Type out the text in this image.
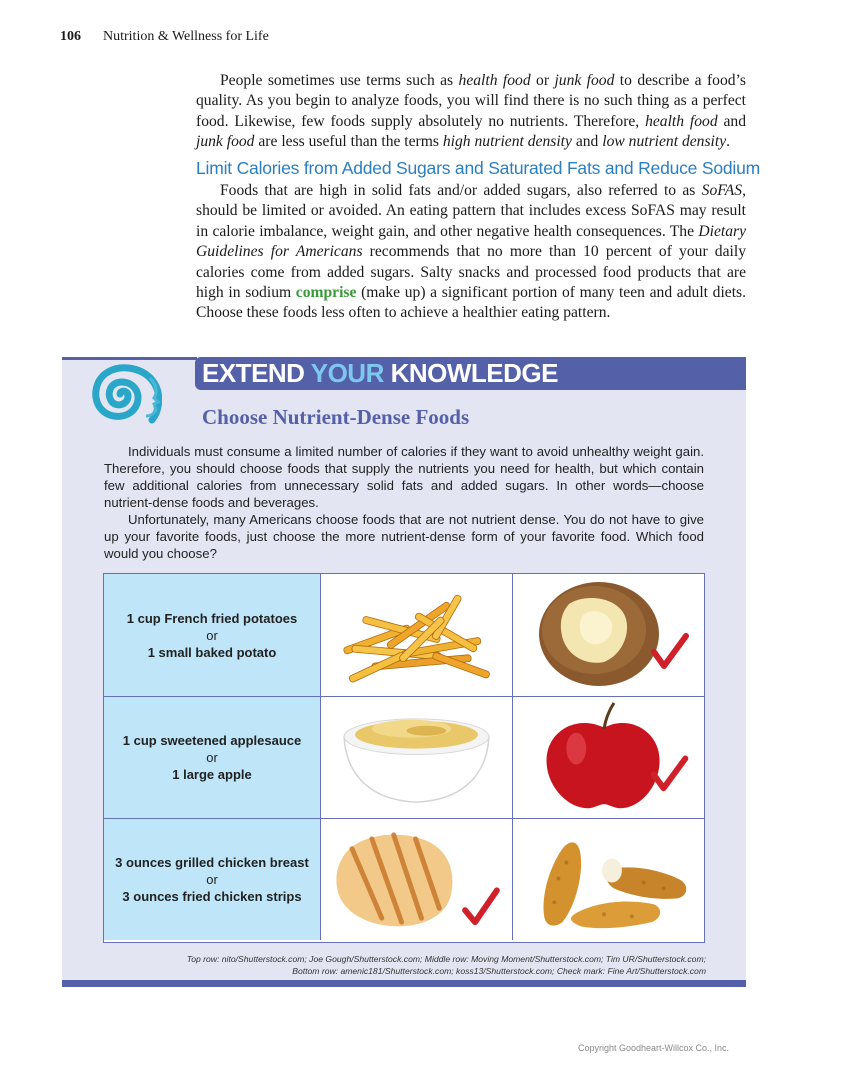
106 Nutrition & Wellness for Life

People sometimes use terms such as health food or junk food to describe a food’s quality. As you begin to analyze foods, you will find there is no such thing as a perfect food. Likewise, few foods supply absolutely no nutrients. Therefore, health food and junk food are less useful than the terms high nutrient density and low nutrient density.

Limit Calories from Added Sugars and Saturated Fats and Reduce Sodium

Foods that are high in solid fats and/or added sugars, also referred to as SoFAS, should be limited or avoided. An eating pattern that includes excess SoFAS may result in calorie imbalance, weight gain, and other negative health consequences. The Dietary Guidelines for Americans recommends that no more than 10 percent of your daily calories come from added sugars. Salty snacks and processed food products that are high in sodium comprise (make up) a significant portion of many teen and adult diets. Choose these foods less often to achieve a healthier eating pattern.

EXTEND YOUR KNOWLEDGE
Choose Nutrient-Dense Foods

Individuals must consume a limited number of calories if they want to avoid unhealthy weight gain. Therefore, you should choose foods that supply the nutrients you need for health, but which contain few additional calories from unnecessary solid fats and added sugars. In other words—choose nutrient-dense foods and beverages.

Unfortunately, many Americans choose foods that are not nutrient dense. You do not have to give up your favorite foods, just choose the more nutrient-dense form of your favorite food. Which food would you choose?

1 cup French fried potatoes
or
1 small baked potato
1 cup sweetened applesauce
or
1 large apple
3 ounces grilled chicken breast
or
3 ounces fried chicken strips
Top row: nito/Shutterstock.com; Joe Gough/Shutterstock.com; Middle row: Moving Moment/Shutterstock.com; Tim UR/Shutterstock.com;
Bottom row: amenic181/Shutterstock.com; koss13/Shutterstock.com; Check mark: Fine Art/Shutterstock.com
Copyright Goodheart-Willcox Co., Inc.
